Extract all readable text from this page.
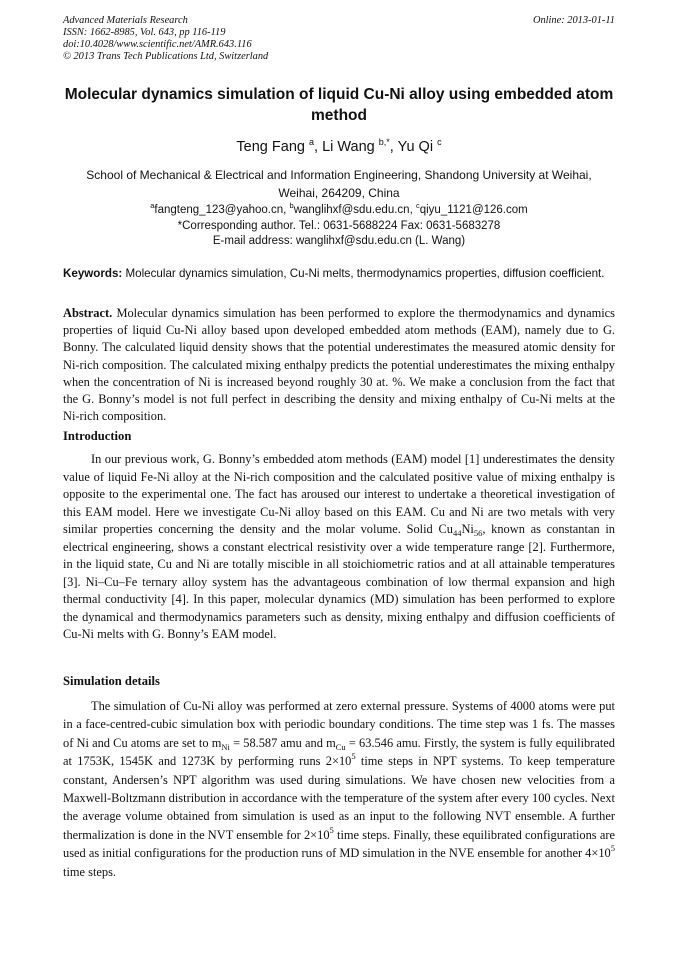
Advanced Materials Research
ISSN: 1662-8985, Vol. 643, pp 116-119
doi:10.4028/www.scientific.net/AMR.643.116
© 2013 Trans Tech Publications Ltd, Switzerland
Online: 2013-01-11
Molecular dynamics simulation of liquid Cu-Ni alloy using embedded atom method
Teng Fang $^a$, Li Wang $^{b,*}$, Yu Qi $^c$
School of Mechanical & Electrical and Information Engineering, Shandong University at Weihai,
Weihai, 264209, China
$^a$fangteng_123@yahoo.cn, $^b$wanglihxf@sdu.edu.cn, $^c$qiyu_1121@126.com
*Corresponding author. Tel.: 0631-5688224 Fax: 0631-5683278
E-mail address: wanglihxf@sdu.edu.cn (L. Wang)
Keywords: Molecular dynamics simulation, Cu-Ni melts, thermodynamics properties, diffusion coefficient.
Abstract. Molecular dynamics simulation has been performed to explore the thermodynamics and dynamics properties of liquid Cu-Ni alloy based upon developed embedded atom methods (EAM), namely due to G. Bonny. The calculated liquid density shows that the potential underestimates the measured atomic density for Ni-rich composition. The calculated mixing enthalpy predicts the potential underestimates the mixing enthalpy when the concentration of Ni is increased beyond roughly 30 at. %. We make a conclusion from the fact that the G. Bonny’s model is not full perfect in describing the density and mixing enthalpy of Cu-Ni melts at the Ni-rich composition.
Introduction
In our previous work, G. Bonny’s embedded atom methods (EAM) model [1] underestimates the density value of liquid Fe-Ni alloy at the Ni-rich composition and the calculated positive value of mixing enthalpy is opposite to the experimental one. The fact has aroused our interest to undertake a theoretical investigation of this EAM model. Here we investigate Cu-Ni alloy based on this EAM. Cu and Ni are two metals with very similar properties concerning the density and the molar volume. Solid $Cu_{44}Ni_{56}$, known as constantan in electrical engineering, shows a constant electrical resistivity over a wide temperature range [2]. Furthermore, in the liquid state, Cu and Ni are totally miscible in all stoichiometric ratios and at all attainable temperatures [3]. Ni–Cu–Fe ternary alloy system has the advantageous combination of low thermal expansion and high thermal conductivity [4]. In this paper, molecular dynamics (MD) simulation has been performed to explore the dynamical and thermodynamics parameters such as density, mixing enthalpy and diffusion coefficients of Cu-Ni melts with G. Bonny’s EAM model.
Simulation details
The simulation of Cu-Ni alloy was performed at zero external pressure. Systems of 4000 atoms were put in a face-centred-cubic simulation box with periodic boundary conditions. The time step was 1 fs. The masses of Ni and Cu atoms are set to $m_{Ni} = 58.587$ amu and $m_{Cu} = 63.546$ amu. Firstly, the system is fully equilibrated at 1753K, 1545K and 1273K by performing runs $2\times 10^5$ time steps in NPT systems. To keep temperature constant, Andersen’s NPT algorithm was used during simulations. We have chosen new velocities from a Maxwell-Boltzmann distribution in accordance with the temperature of the system after every 100 cycles. Next the average volume obtained from simulation is used as an input to the following NVT ensemble. A further thermalization is done in the NVT ensemble for $2\times 10^5$ time steps. Finally, these equilibrated configurations are used as initial configurations for the production runs of MD simulation in the NVE ensemble for another $4\times 10^5$ time steps.
